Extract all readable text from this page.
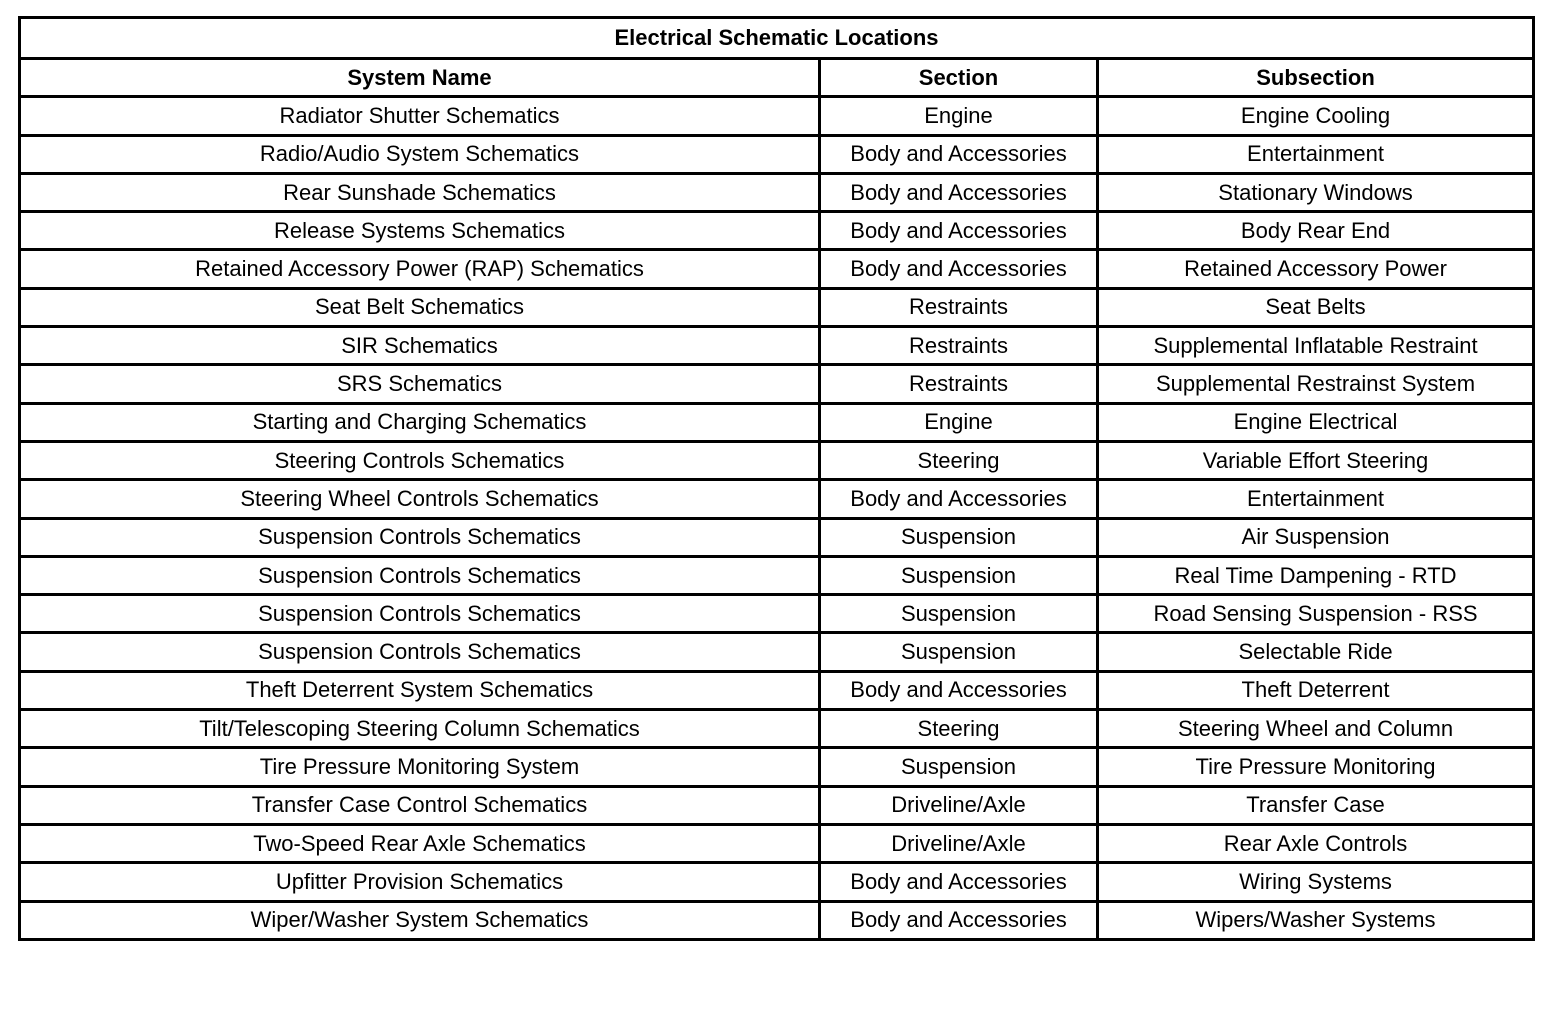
Electrical Schematic Locations		
System Name	Section	Subsection
Radiator Shutter Schematics	Engine	Engine Cooling
Radio/Audio System Schematics	Body and Accessories	Entertainment
Rear Sunshade Schematics	Body and Accessories	Stationary Windows
Release Systems Schematics	Body and Accessories	Body Rear End
Retained Accessory Power (RAP) Schematics	Body and Accessories	Retained Accessory Power
Seat Belt Schematics	Restraints	Seat Belts
SIR Schematics	Restraints	Supplemental Inflatable Restraint
SRS Schematics	Restraints	Supplemental Restrainst System
Starting and Charging Schematics	Engine	Engine Electrical
Steering Controls Schematics	Steering	Variable Effort Steering
Steering Wheel Controls Schematics	Body and Accessories	Entertainment
Suspension Controls Schematics	Suspension	Air Suspension
Suspension Controls Schematics	Suspension	Real Time Dampening - RTD
Suspension Controls Schematics	Suspension	Road Sensing Suspension - RSS
Suspension Controls Schematics	Suspension	Selectable Ride
Theft Deterrent System Schematics	Body and Accessories	Theft Deterrent
Tilt/Telescoping Steering Column Schematics	Steering	Steering Wheel and Column
Tire Pressure Monitoring System	Suspension	Tire Pressure Monitoring
Transfer Case Control Schematics	Driveline/Axle	Transfer Case
Two-Speed Rear Axle Schematics	Driveline/Axle	Rear Axle Controls
Upfitter Provision Schematics	Body and Accessories	Wiring Systems
Wiper/Washer System Schematics	Body and Accessories	Wipers/Washer Systems
